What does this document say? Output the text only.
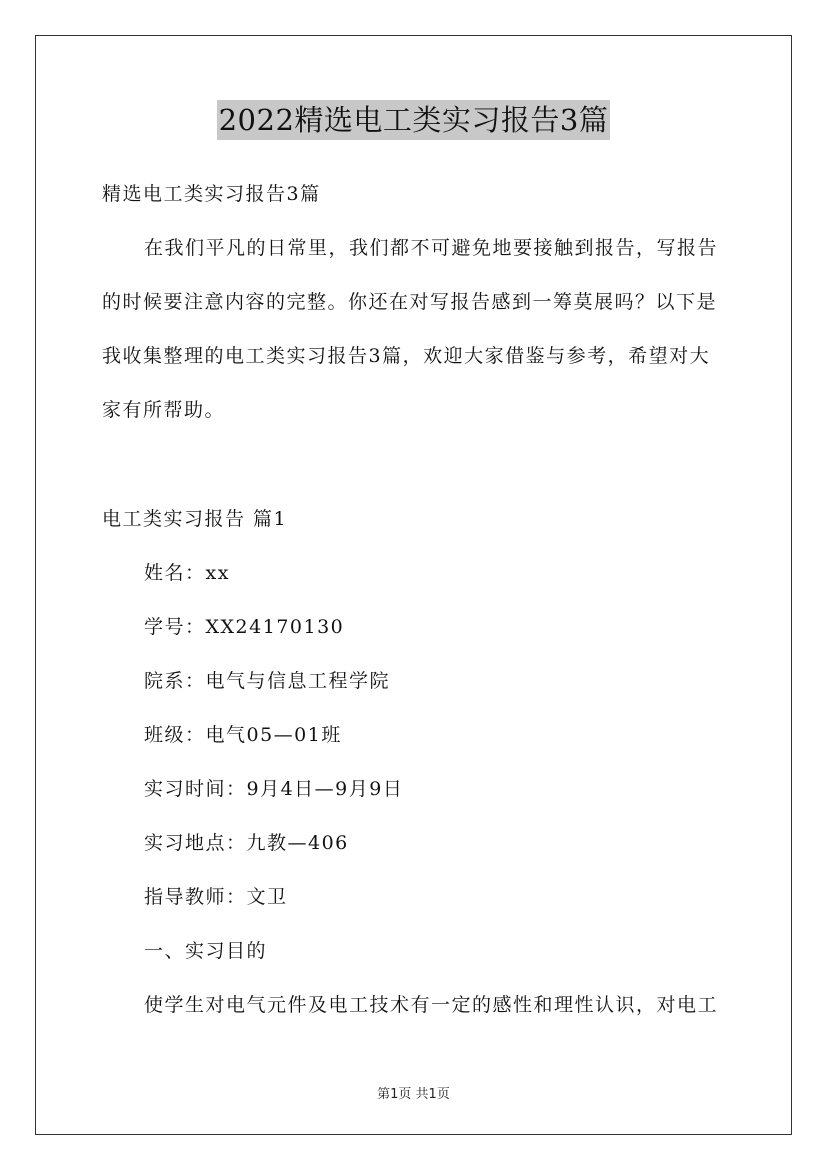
2022精选电工类实习报告3篇
精选电工类实习报告3篇
在我们平凡的日常里，我们都不可避免地要接触到报告，写报告
的时候要注意内容的完整。你还在对写报告感到一筹莫展吗？以下是
我收集整理的电工类实习报告3篇，欢迎大家借鉴与参考，希望对大
家有所帮助。
电工类实习报告 篇1
姓名：xx
学号：XX24170130
院系：电气与信息工程学院
班级：电气05—01班
实习时间：9月4日—9月9日
实习地点：九教—406
指导教师：文卫
一、实习目的
使学生对电气元件及电工技术有一定的感性和理性认识，对电工
第1页 共1页
